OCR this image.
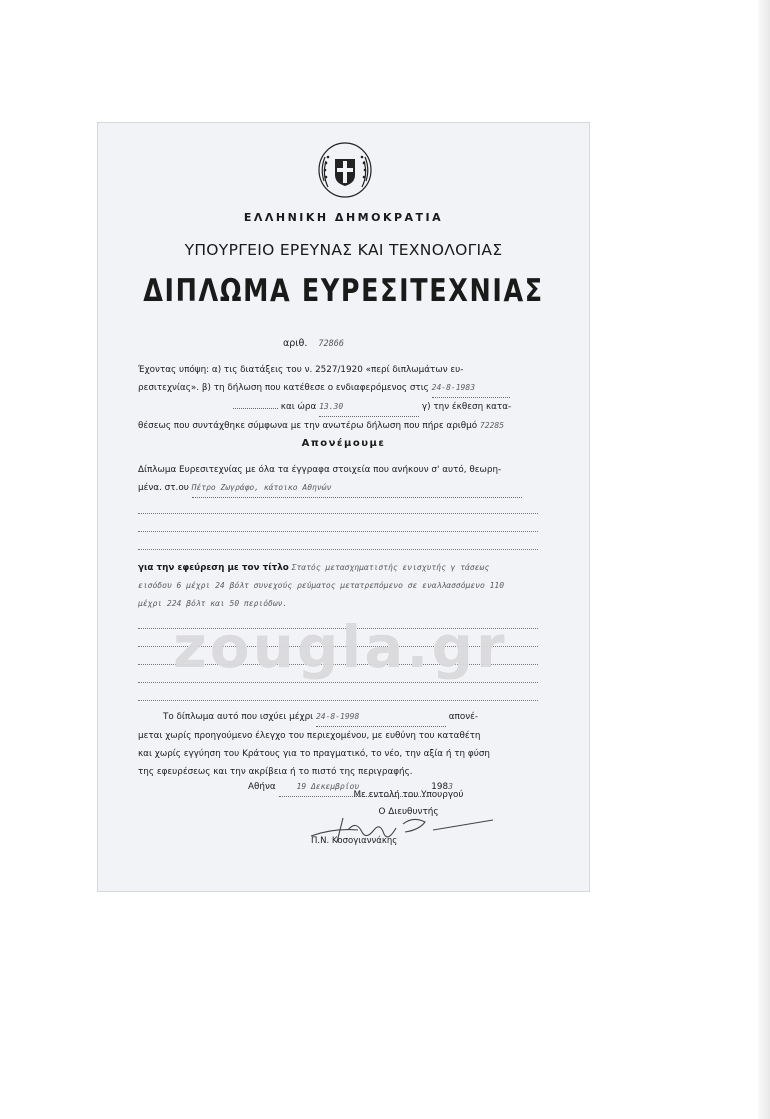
ΕΛΛΗΝΙΚΗ ΔΗΜΟΚΡΑΤΙΑ
ΥΠΟΥΡΓΕΙΟ ΕΡΕΥΝΑΣ ΚΑΙ ΤΕΧΝΟΛΟΓΙΑΣ
ΔΙΠΛΩΜΑ ΕΥΡΕΣΙΤΕΧΝΙΑΣ
αριθ. 72866
Έχοντας υπόψη: α) τις διατάξεις του ν. 2527/1920 «περί διπλωμάτων ευ-
ρεσιτεχνίας». β) τη δήλωση που κατέθεσε ο ενδιαφερόμενος στις 24-8-1983
και ώρα 13.30	γ) την έκθεση κατα-
θέσεως που συντάχθηκε σύμφωνα με την ανωτέρω δήλωση που πήρε αριθμό 72285
Απονέμουμε
Δίπλωμα Ευρεσιτεχνίας με όλα τα έγγραφα στοιχεία που ανήκουν σ' αυτό, θεωρη-
μένα. στ.ου Πέτρο Ζωγράφο, κάτοικο Αθηνών
για την εφεύρεση με τον τίτλο Στατός μετασχηματιστής ενισχυτής γ τάσεως
εισόδου 6 μέχρι 24 βόλτ συνεχούς ρεύματος μετατρεπόμενο σε εναλλασσόμενο 110
μέχρι 224 βόλτ και 50 περιόδων.
Το δίπλωμα αυτό που ισχύει μέχρι 24-8-1998	απονέ-
μεται χωρίς προηγούμενο έλεγχο του περιεχομένου, με ευθύνη του καταθέτη
και χωρίς εγγύηση του Κράτους για το πραγματικό, το νέο, την αξία ή τη φύση
της εφευρέσεως και την ακρίβεια ή το πιστό της περιγραφής.
Αθήνα	19 Δεκεμβρίου	1983
Με εντολή του Υπουργού
Ο Διευθυντής
Π.Ν. Κοσογιαννάκης
zougla.gr
